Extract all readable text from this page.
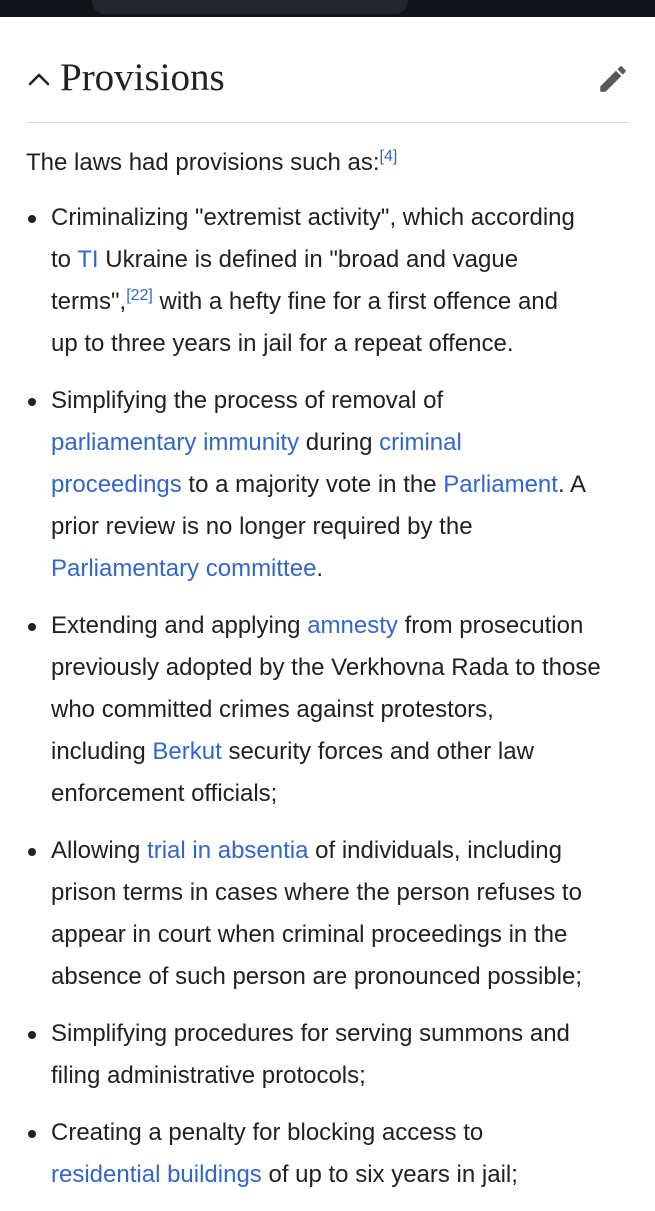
Provisions
The laws had provisions such as:[4]
Criminalizing "extremist activity", which according
to TI Ukraine is defined in "broad and vague
terms",[22] with a hefty fine for a first offence and
up to three years in jail for a repeat offence.
Simplifying the process of removal of
parliamentary immunity during criminal
proceedings to a majority vote in the Parliament. A
prior review is no longer required by the
Parliamentary committee.
Extending and applying amnesty from prosecution
previously adopted by the Verkhovna Rada to those
who committed crimes against protestors,
including Berkut security forces and other law
enforcement officials;
Allowing trial in absentia of individuals, including
prison terms in cases where the person refuses to
appear in court when criminal proceedings in the
absence of such person are pronounced possible;
Simplifying procedures for serving summons and
filing administrative protocols;
Creating a penalty for blocking access to
residential buildings of up to six years in jail;
